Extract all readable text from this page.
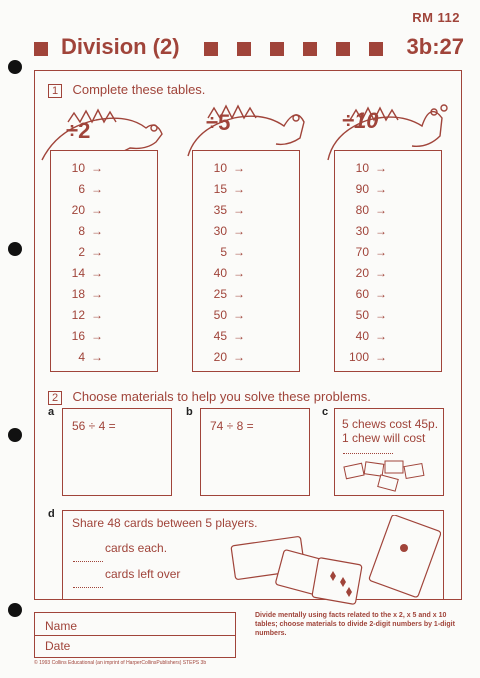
RM 112
Division (2)	3b:27
1 Complete these tables.
÷2	÷5	÷10
10 →
6 →
20 →
8 →
2 →
14 →
18 →
12 →
16 →
4 →
10 →
15 →
35 →
30 →
5 →
40 →
25 →
50 →
45 →
20 →
10 →
90 →
80 →
30 →
70 →
20 →
60 →
50 →
40 →
100 →
2 Choose materials to help you solve these problems.
a
56 ÷ 4 =
b
74 ÷ 8 =
c
5 chews cost 45p.
1 chew will cost
d
Share 48 cards between 5 players.
cards each.
cards left over
Name
Date
Divide mentally using facts related to the x 2, x 5 and x 10 tables; choose materials to divide 2-digit numbers by 1-digit numbers.
© 1993 Collins Educational (an imprint of HarperCollinsPublishers) STEPS 3b
